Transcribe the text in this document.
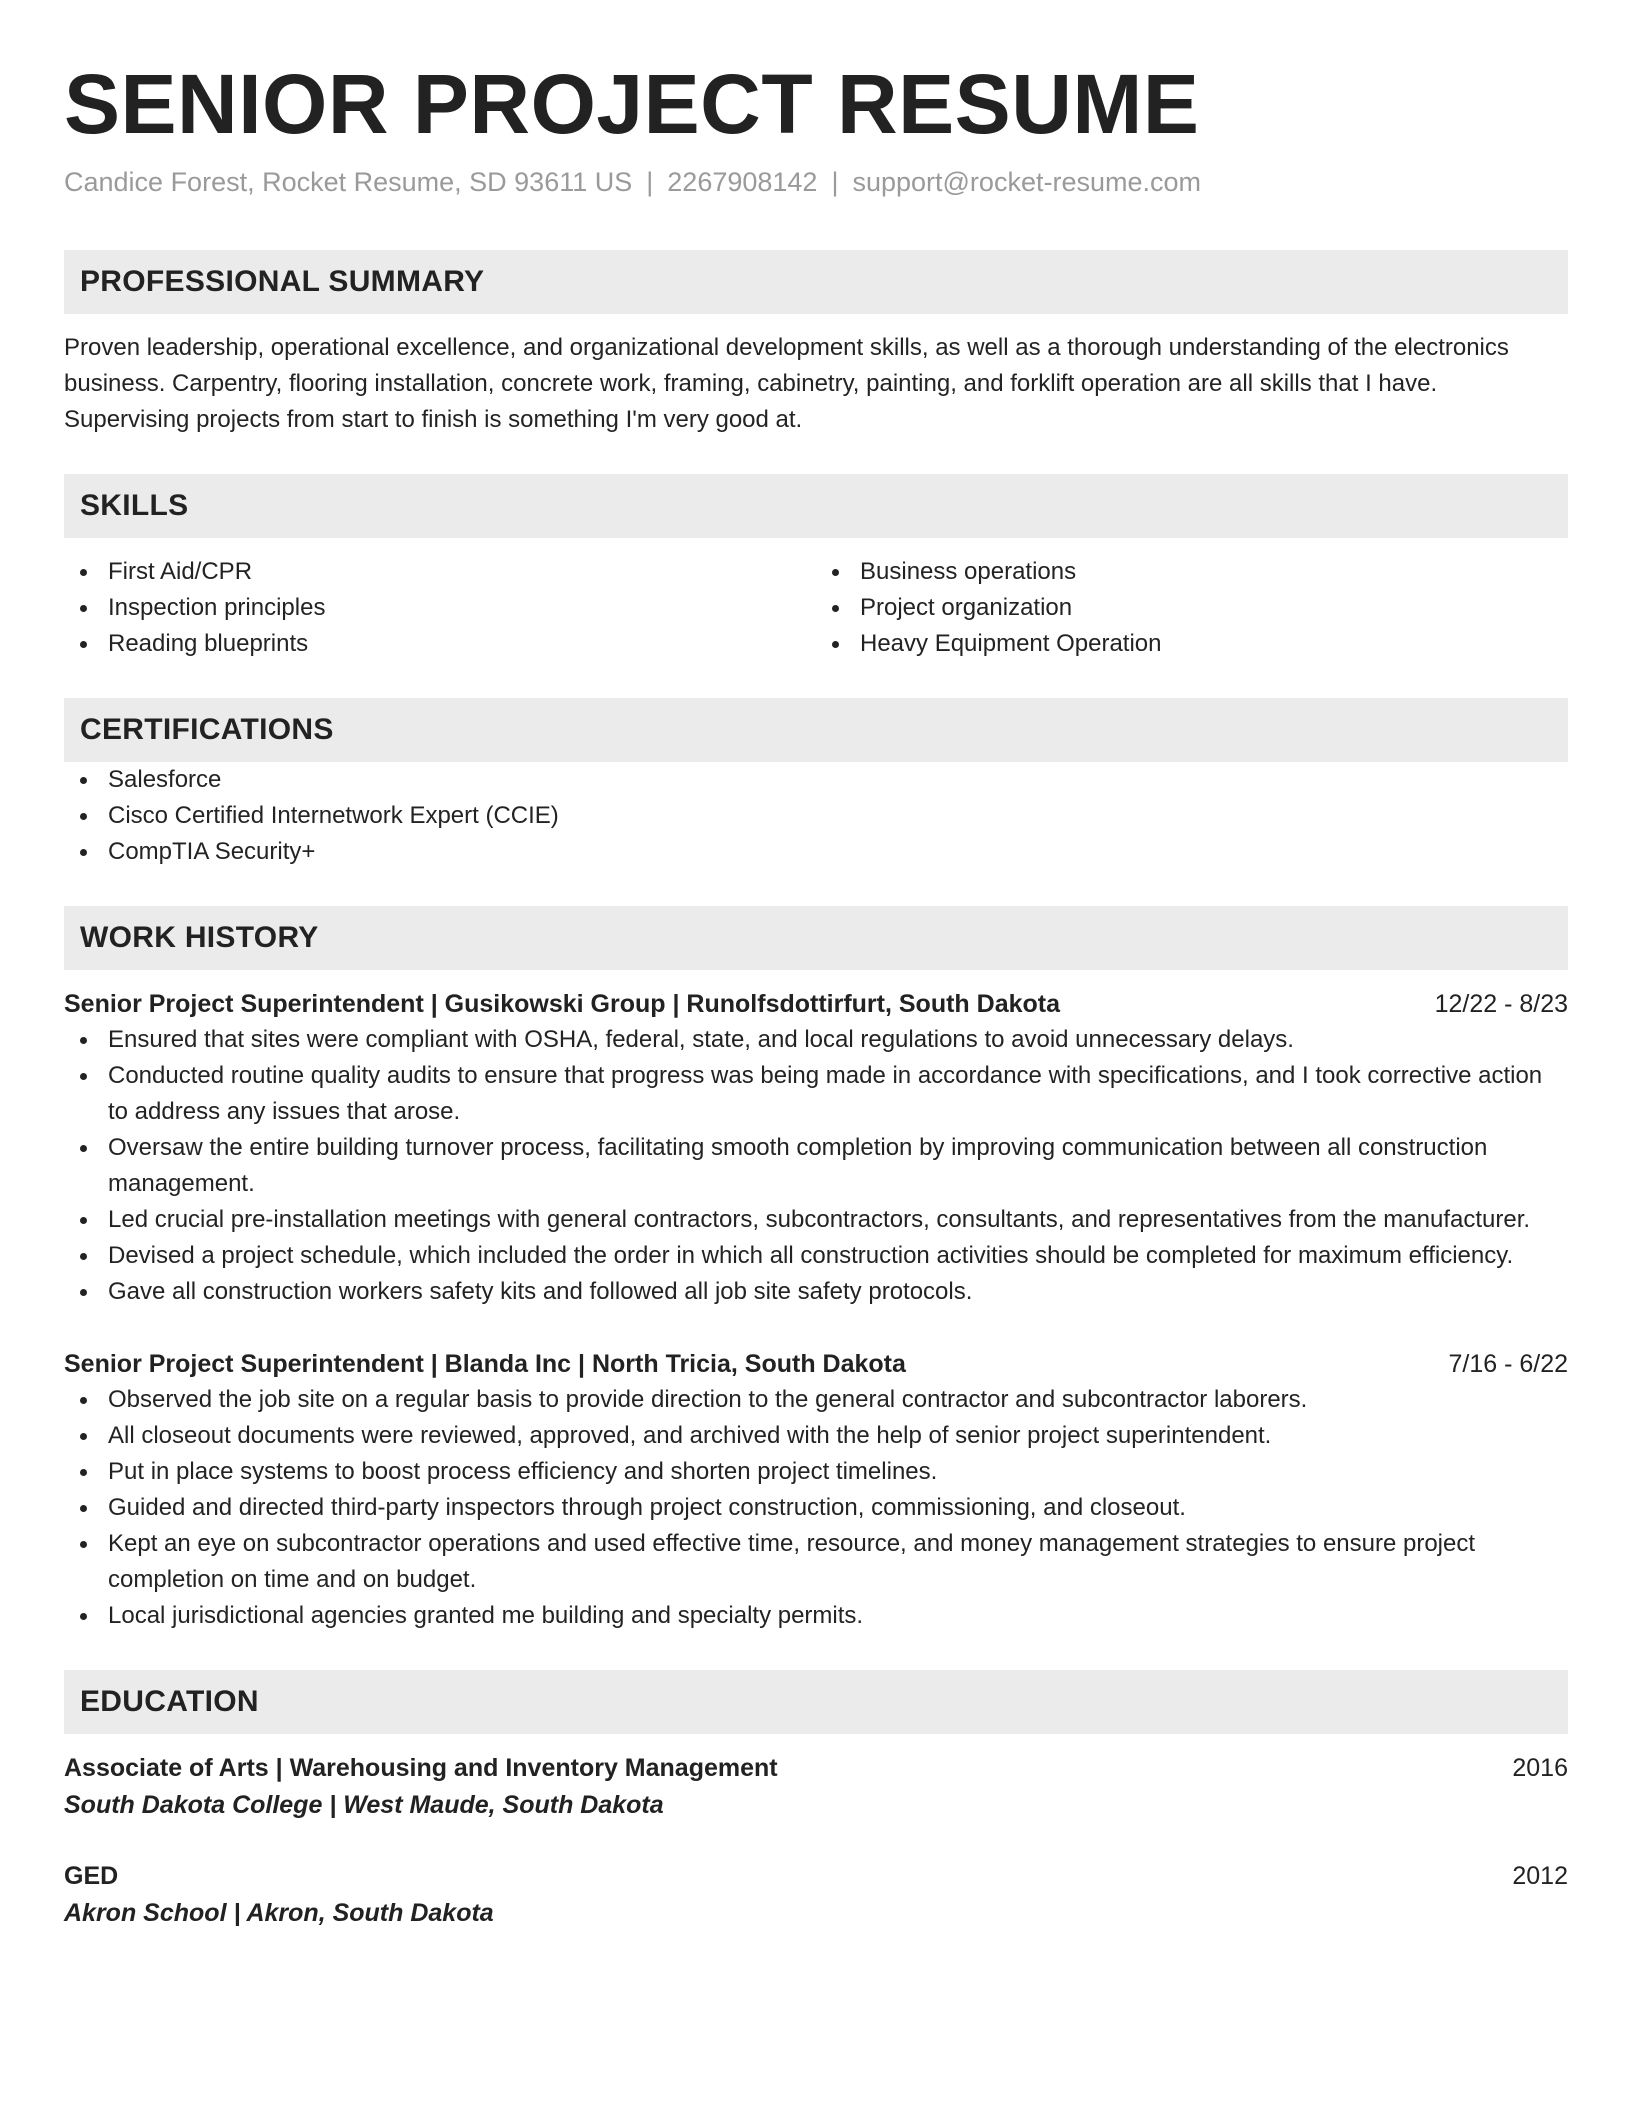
SENIOR PROJECT RESUME
Candice Forest, Rocket Resume, SD 93611 US | 2267908142 | support@rocket-resume.com
PROFESSIONAL SUMMARY

Proven leadership, operational excellence, and organizational development skills, as well as a thorough understanding of the electronics business. Carpentry, flooring installation, concrete work, framing, cabinetry, painting, and forklift operation are all skills that I have. Supervising projects from start to finish is something I'm very good at.

SKILLS
First Aid/CPR
Inspection principles
Reading blueprints
Business operations
Project organization
Heavy Equipment Operation
CERTIFICATIONS
Salesforce
Cisco Certified Internetwork Expert (CCIE)
CompTIA Security+
WORK HISTORY
Senior Project Superintendent | Gusikowski Group | Runolfsdottirfurt, South Dakota	12/22 - 8/23
Ensured that sites were compliant with OSHA, federal, state, and local regulations to avoid unnecessary delays.
Conducted routine quality audits to ensure that progress was being made in accordance with specifications, and I took corrective action to address any issues that arose.
Oversaw the entire building turnover process, facilitating smooth completion by improving communication between all construction management.
Led crucial pre-installation meetings with general contractors, subcontractors, consultants, and representatives from the manufacturer.
Devised a project schedule, which included the order in which all construction activities should be completed for maximum efficiency.
Gave all construction workers safety kits and followed all job site safety protocols.
Senior Project Superintendent | Blanda Inc | North Tricia, South Dakota	7/16 - 6/22
Observed the job site on a regular basis to provide direction to the general contractor and subcontractor laborers.
All closeout documents were reviewed, approved, and archived with the help of senior project superintendent.
Put in place systems to boost process efficiency and shorten project timelines.
Guided and directed third-party inspectors through project construction, commissioning, and closeout.
Kept an eye on subcontractor operations and used effective time, resource, and money management strategies to ensure project completion on time and on budget.
Local jurisdictional agencies granted me building and specialty permits.
EDUCATION
Associate of Arts | Warehousing and Inventory Management	2016
South Dakota College | West Maude, South Dakota
GED	2012
Akron School | Akron, South Dakota
